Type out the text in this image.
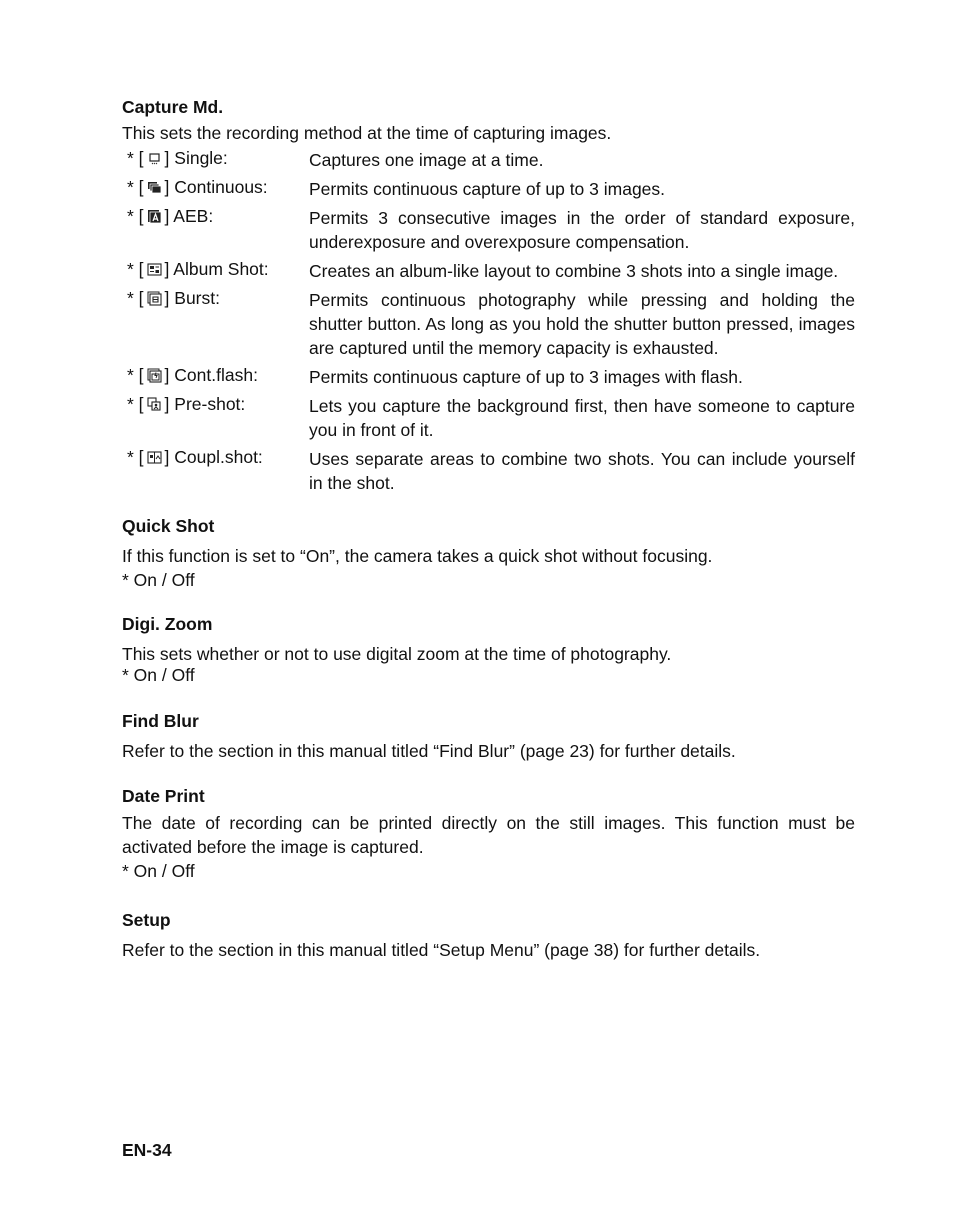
Capture Md.

This sets the recording method at the time of capturing images.

* [ ] Single:	Captures one image at a time.
* [ ] Continuous:	Permits continuous capture of up to 3 images.
* [ ] AEB:	Permits 3 consecutive images in the order of standard exposure, underexposure and overexposure compensation.
* [ ] Album Shot:	Creates an album-like layout to combine 3 shots into a single image.
* [ ] Burst:	Permits continuous photography while pressing and holding the shutter button. As long as you hold the shutter button pressed, images are captured until the memory capacity is exhausted.
* [ ] Cont.flash:	Permits continuous capture of up to 3 images with flash.
* [ ] Pre-shot:	Lets you capture the background first, then have someone to capture you in front of it.
* [ ] Coupl.shot:	Uses separate areas to combine two shots. You can include yourself in the shot.

Quick Shot

If this function is set to “On”, the camera takes a quick shot without focusing.

* On / Off

Digi. Zoom

This sets whether or not to use digital zoom at the time of photography.

* On / Off

Find Blur

Refer to the section in this manual titled “Find Blur” (page 23) for further details.

Date Print

The date of recording can be printed directly on the still images. This function must be activated before the image is captured.

* On / Off

Setup

Refer to the section in this manual titled “Setup Menu” (page 38) for further details.

EN-34
